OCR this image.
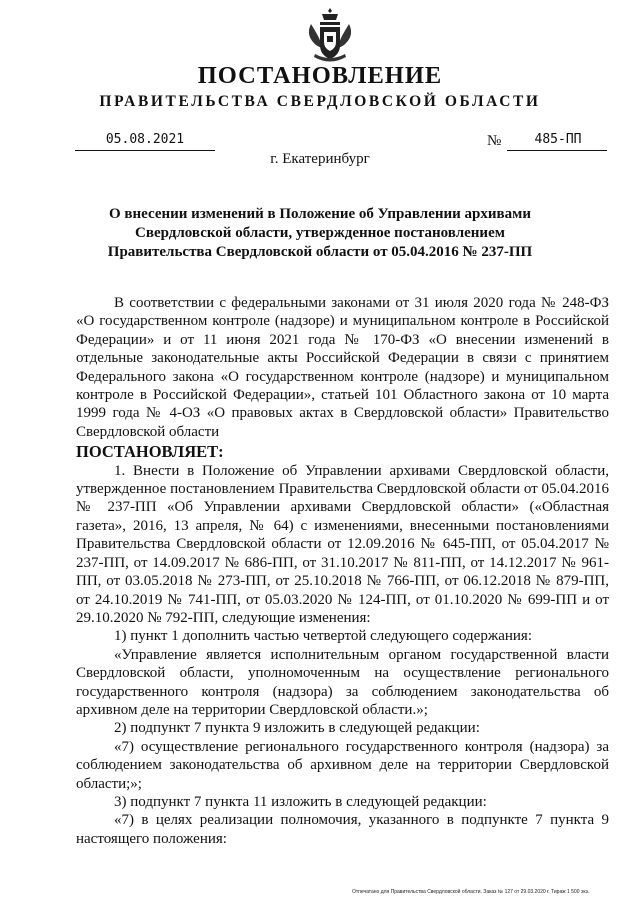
ПОСТАНОВЛЕНИЕ
ПРАВИТЕЛЬСТВА СВЕРДЛОВСКОЙ ОБЛАСТИ
05.08.2021	№	485-ПП
г. Екатеринбург

О внесении изменений в Положение об Управлении архивами Свердловской области, утвержденное постановлением Правительства Свердловской области от 05.04.2016 № 237-ПП

В соответствии с федеральными законами от 31 июля 2020 года № 248-ФЗ «О государственном контроле (надзоре) и муниципальном контроле в Российской Федерации» и от 11 июня 2021 года № 170-ФЗ «О внесении изменений в отдельные законодательные акты Российской Федерации в связи с принятием Федерального закона «О государственном контроле (надзоре) и муниципальном контроле в Российской Федерации», статьей 101 Областного закона от 10 марта 1999 года № 4-ОЗ «О правовых актах в Свердловской области» Правительство Свердловской области

ПОСТАНОВЛЯЕТ:

1. Внести в Положение об Управлении архивами Свердловской области, утвержденное постановлением Правительства Свердловской области от 05.04.2016 № 237-ПП «Об Управлении архивами Свердловской области» («Областная газета», 2016, 13 апреля, № 64) с изменениями, внесенными постановлениями Правительства Свердловской области от 12.09.2016 № 645-ПП, от 05.04.2017 № 237-ПП, от 14.09.2017 № 686-ПП, от 31.10.2017 № 811-ПП, от 14.12.2017 № 961-ПП, от 03.05.2018 № 273-ПП, от 25.10.2018 № 766-ПП, от 06.12.2018 № 879-ПП, от 24.10.2019 № 741-ПП, от 05.03.2020 № 124-ПП, от 01.10.2020 № 699-ПП и от 29.10.2020 № 792-ПП, следующие изменения:

1) пункт 1 дополнить частью четвертой следующего содержания:

«Управление является исполнительным органом государственной власти Свердловской области, уполномоченным на осуществление регионального государственного контроля (надзора) за соблюдением законодательства об архивном деле на территории Свердловской области.»;

2) подпункт 7 пункта 9 изложить в следующей редакции:

«7) осуществление регионального государственного контроля (надзора) за соблюдением законодательства об архивном деле на территории Свердловской области;»;

3) подпункт 7 пункта 11 изложить в следующей редакции:

«7) в целях реализации полномочия, указанного в подпункте 7 пункта 9 настоящего положения:

Отпечатано для Правительства Свердловской области. Заказ № 127 от 29.03.2020 г. Тираж 1 500 экз.
